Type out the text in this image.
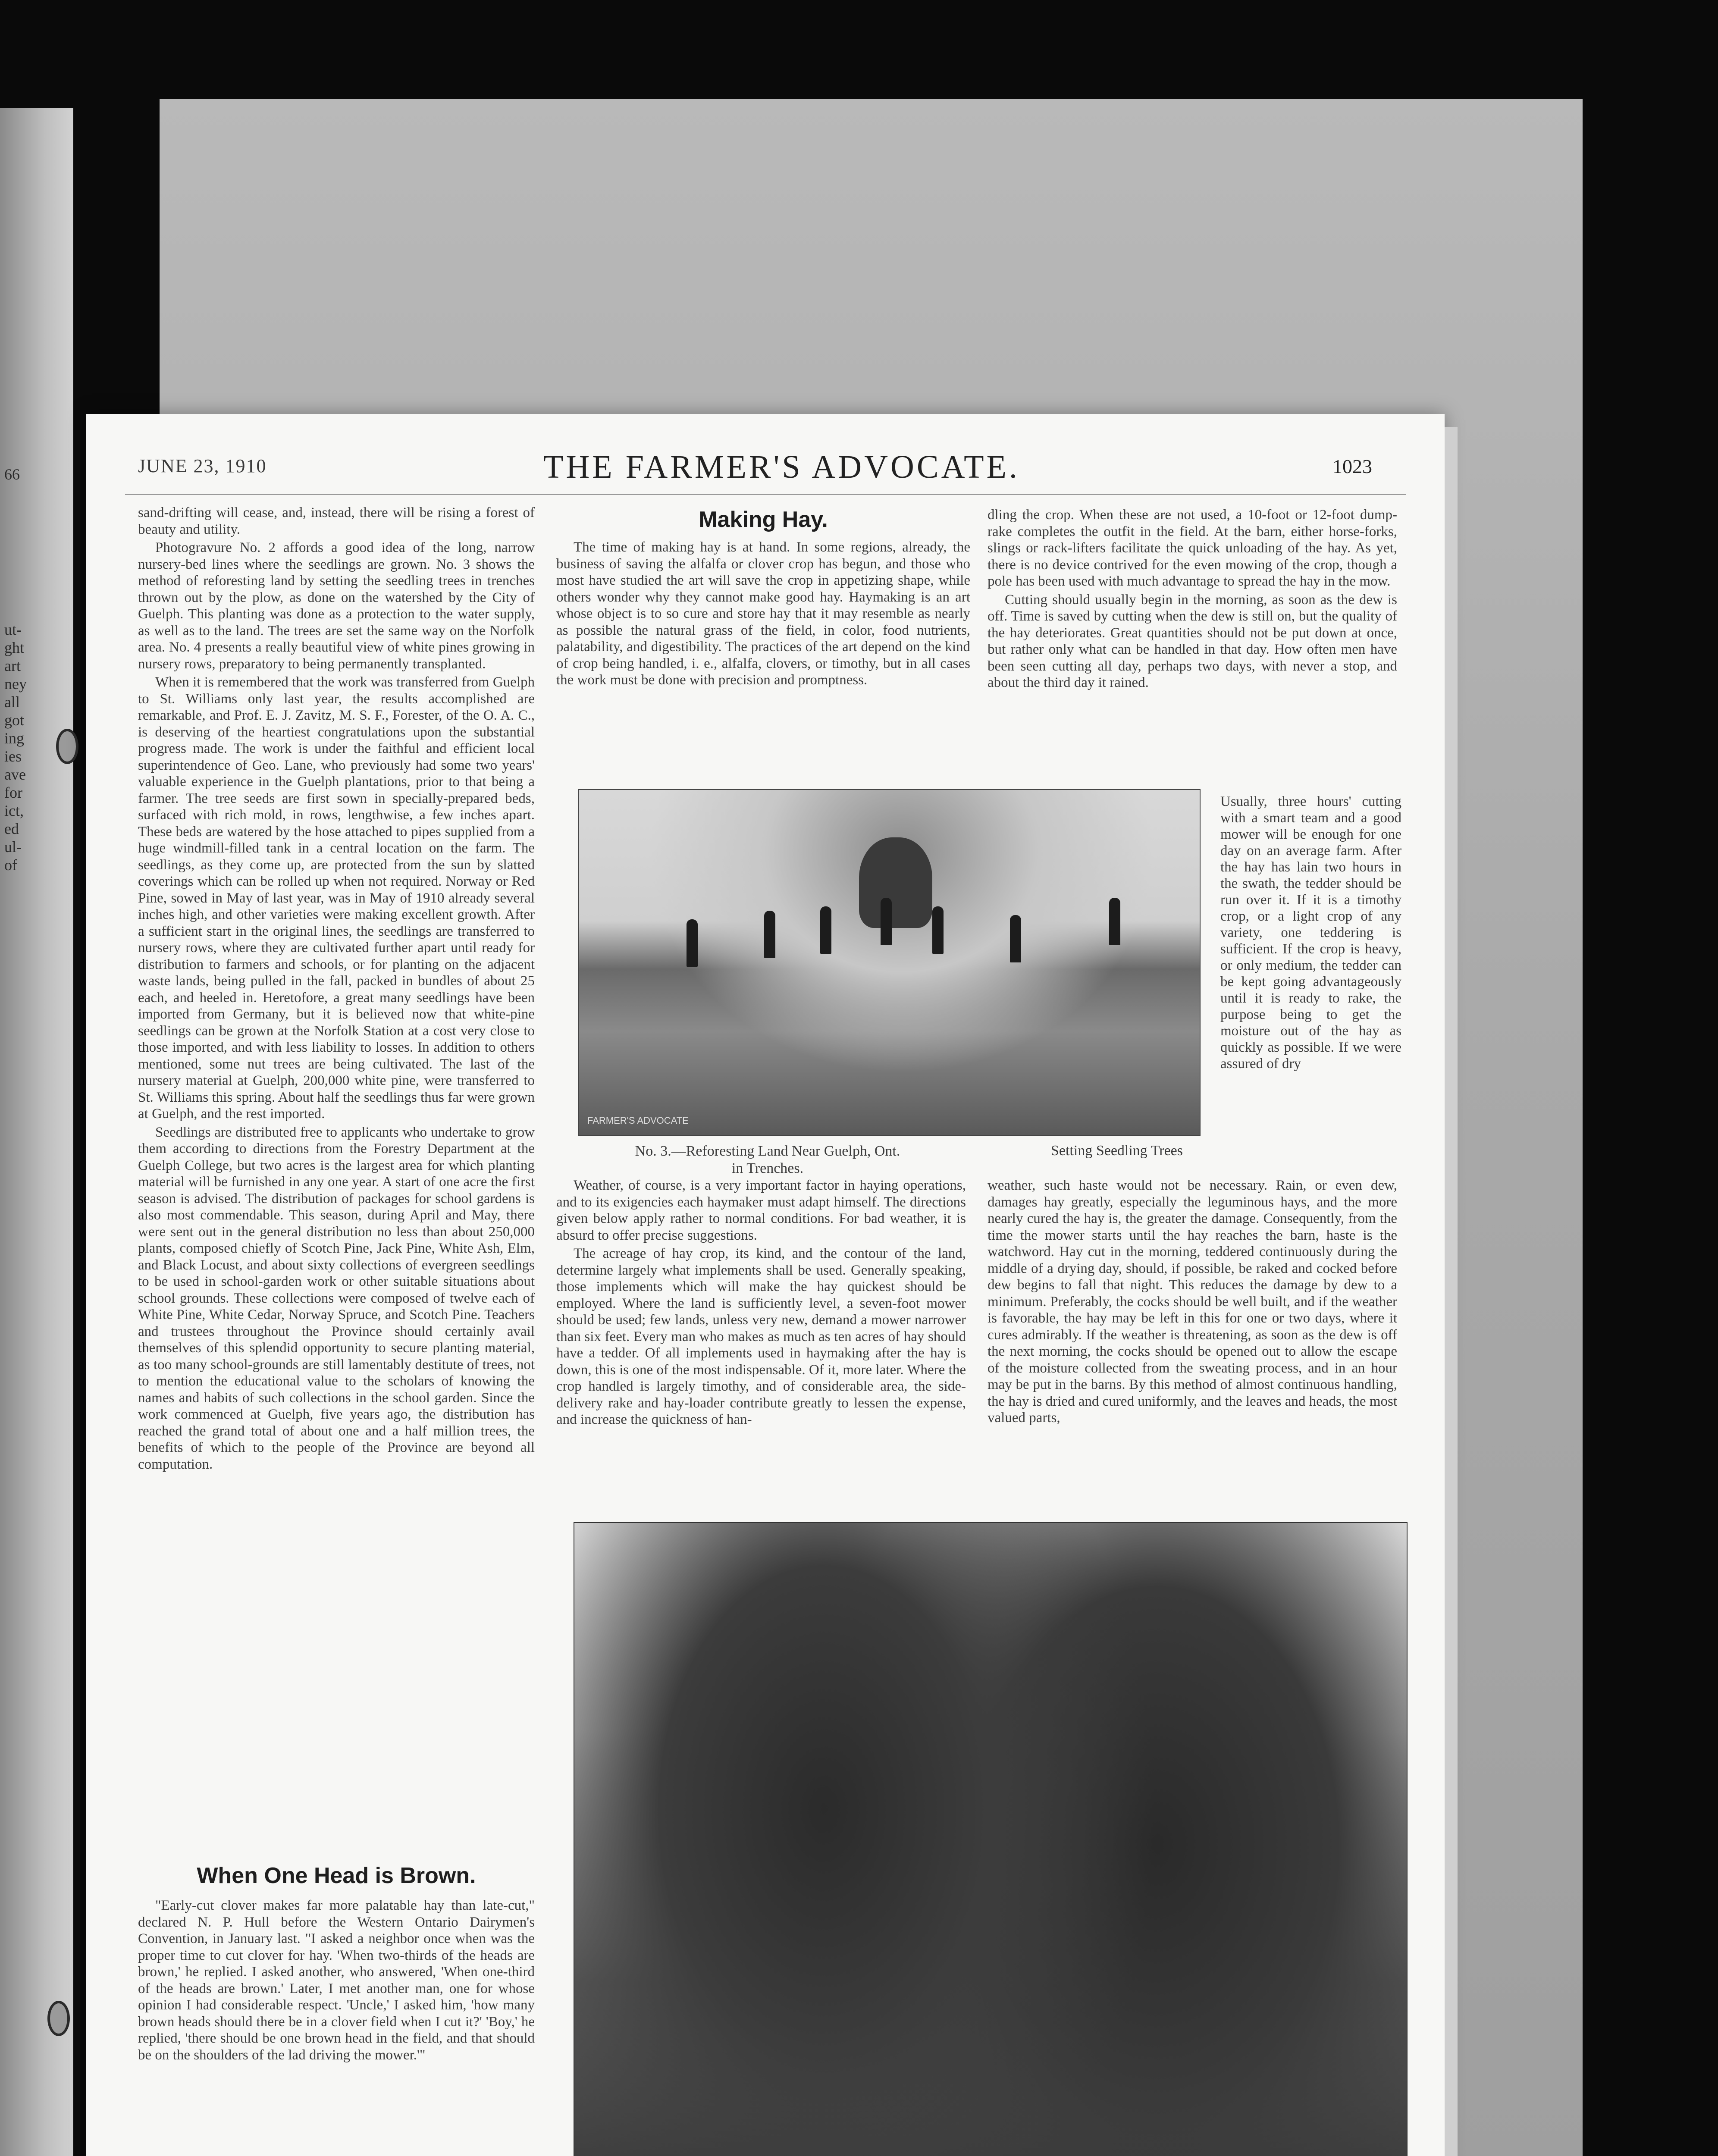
66
ut-
ght
art
ney
all
got
ing
ies
ave
for
ict,
ed
ul-
of
JUNE 23, 1910	THE FARMER'S ADVOCATE.	1023

sand-drifting will cease, and, instead, there will be rising a forest of beauty and utility.

Photogravure No. 2 affords a good idea of the long, narrow nursery-bed lines where the seedlings are grown. No. 3 shows the method of reforesting land by setting the seedling trees in trenches thrown out by the plow, as done on the watershed by the City of Guelph. This planting was done as a protection to the water supply, as well as to the land. The trees are set the same way on the Norfolk area. No. 4 presents a really beautiful view of white pines growing in nursery rows, preparatory to being permanently transplanted.

When it is remembered that the work was transferred from Guelph to St. Williams only last year, the results accomplished are remarkable, and Prof. E. J. Zavitz, M. S. F., Forester, of the O. A. C., is deserving of the heartiest congratulations upon the substantial progress made. The work is under the faithful and efficient local superintendence of Geo. Lane, who previously had some two years' valuable experience in the Guelph plantations, prior to that being a farmer. The tree seeds are first sown in specially-prepared beds, surfaced with rich mold, in rows, lengthwise, a few inches apart. These beds are watered by the hose attached to pipes supplied from a huge windmill-filled tank in a central location on the farm. The seedlings, as they come up, are protected from the sun by slatted coverings which can be rolled up when not required. Norway or Red Pine, sowed in May of last year, was in May of 1910 already several inches high, and other varieties were making excellent growth. After a sufficient start in the original lines, the seedlings are transferred to nursery rows, where they are cultivated further apart until ready for distribution to farmers and schools, or for planting on the adjacent waste lands, being pulled in the fall, packed in bundles of about 25 each, and heeled in. Heretofore, a great many seedlings have been imported from Germany, but it is believed now that white-pine seedlings can be grown at the Norfolk Station at a cost very close to those imported, and with less liability to losses. In addition to others mentioned, some nut trees are being cultivated. The last of the nursery material at Guelph, 200,000 white pine, were transferred to St. Williams this spring. About half the seedlings thus far were grown at Guelph, and the rest imported.

Seedlings are distributed free to applicants who undertake to grow them according to directions from the Forestry Department at the Guelph College, but two acres is the largest area for which planting material will be furnished in any one year. A start of one acre the first season is advised. The distribution of packages for school gardens is also most commendable. This season, during April and May, there were sent out in the general distribution no less than about 250,000 plants, composed chiefly of Scotch Pine, Jack Pine, White Ash, Elm, and Black Locust, and about sixty collections of evergreen seedlings to be used in school-garden work or other suitable situations about school grounds. These collections were composed of twelve each of White Pine, White Cedar, Norway Spruce, and Scotch Pine. Teachers and trustees throughout the Province should certainly avail themselves of this splendid opportunity to secure planting material, as too many school-grounds are still lamentably destitute of trees, not to mention the educational value to the scholars of knowing the names and habits of such collections in the school garden. Since the work commenced at Guelph, five years ago, the distribution has reached the grand total of about one and a half million trees, the benefits of which to the people of the Province are beyond all computation.

When One Head is Brown.

"Early-cut clover makes far more palatable hay than late-cut," declared N. P. Hull before the Western Ontario Dairymen's Convention, in January last. "I asked a neighbor once when was the proper time to cut clover for hay. 'When two-thirds of the heads are brown,' he replied. I asked another, who answered, 'When one-third of the heads are brown.' Later, I met another man, one for whose opinion I had considerable respect. 'Uncle,' I asked him, 'how many brown heads should there be in a clover field when I cut it?' 'Boy,' he replied, 'there should be one brown head in the field, and that should be on the shoulders of the lad driving the mower.'"

Making Hay.

The time of making hay is at hand. In some regions, already, the business of saving the alfalfa or clover crop has begun, and those who most have studied the art will save the crop in appetizing shape, while others wonder why they cannot make good hay. Haymaking is an art whose object is to so cure and store hay that it may resemble as nearly as possible the natural grass of the field, in color, food nutrients, palatability, and digestibility. The practices of the art depend on the kind of crop being handled, i. e., alfalfa, clovers, or timothy, but in all cases the work must be done with precision and promptness.

dling the crop. When these are not used, a 10-foot or 12-foot dump-rake completes the outfit in the field. At the barn, either horse-forks, slings or rack-lifters facilitate the quick unloading of the hay. As yet, there is no device contrived for the even mowing of the crop, though a pole has been used with much advantage to spread the hay in the mow.

Cutting should usually begin in the morning, as soon as the dew is off. Time is saved by cutting when the dew is still on, but the quality of the hay deteriorates. Great quantities should not be put down at once, but rather only what can be handled in that day. How often men have been seen cutting all day, perhaps two days, with never a stop, and about the third day it rained.

FARMER'S ADVOCATE
No. 3.—Reforesting Land Near Guelph, Ont.
in Trenches.
Setting Seedling Trees

Usually, three hours' cutting with a smart team and a good mower will be enough for one day on an average farm. After the hay has lain two hours in the swath, the tedder should be run over it. If it is a timothy crop, or a light crop of any variety, one teddering is sufficient. If the crop is heavy, or only medium, the tedder can be kept going advantageously until it is ready to rake, the purpose being to get the moisture out of the hay as quickly as possible. If we were assured of dry

Weather, of course, is a very important factor in haying operations, and to its exigencies each haymaker must adapt himself. The directions given below apply rather to normal conditions. For bad weather, it is absurd to offer precise suggestions.

The acreage of hay crop, its kind, and the contour of the land, determine largely what implements shall be used. Generally speaking, those implements which will make the hay quickest should be employed. Where the land is sufficiently level, a seven-foot mower should be used; few lands, unless very new, demand a mower narrower than six feet. Every man who makes as much as ten acres of hay should have a tedder. Of all implements used in haymaking after the hay is down, this is one of the most indispensable. Of it, more later. Where the crop handled is largely timothy, and of considerable area, the side-delivery rake and hay-loader contribute greatly to lessen the expense, and increase the quickness of han-

weather, such haste would not be necessary. Rain, or even dew, damages hay greatly, especially the leguminous hays, and the more nearly cured the hay is, the greater the damage. Consequently, from the time the mower starts until the hay reaches the barn, haste is the watchword. Hay cut in the morning, teddered continuously during the middle of a drying day, should, if possible, be raked and cocked before dew begins to fall that night. This reduces the damage by dew to a minimum. Preferably, the cocks should be well built, and if the weather is favorable, the hay may be left in this for one or two days, where it cures admirably. If the weather is threatening, as soon as the dew is off the next morning, the cocks should be opened out to allow the escape of the moisture collected from the sweating process, and in an hour may be put in the barns. By this method of almost continuous handling, the hay is dried and cured uniformly, and the leaves and heads, the most valued parts,
